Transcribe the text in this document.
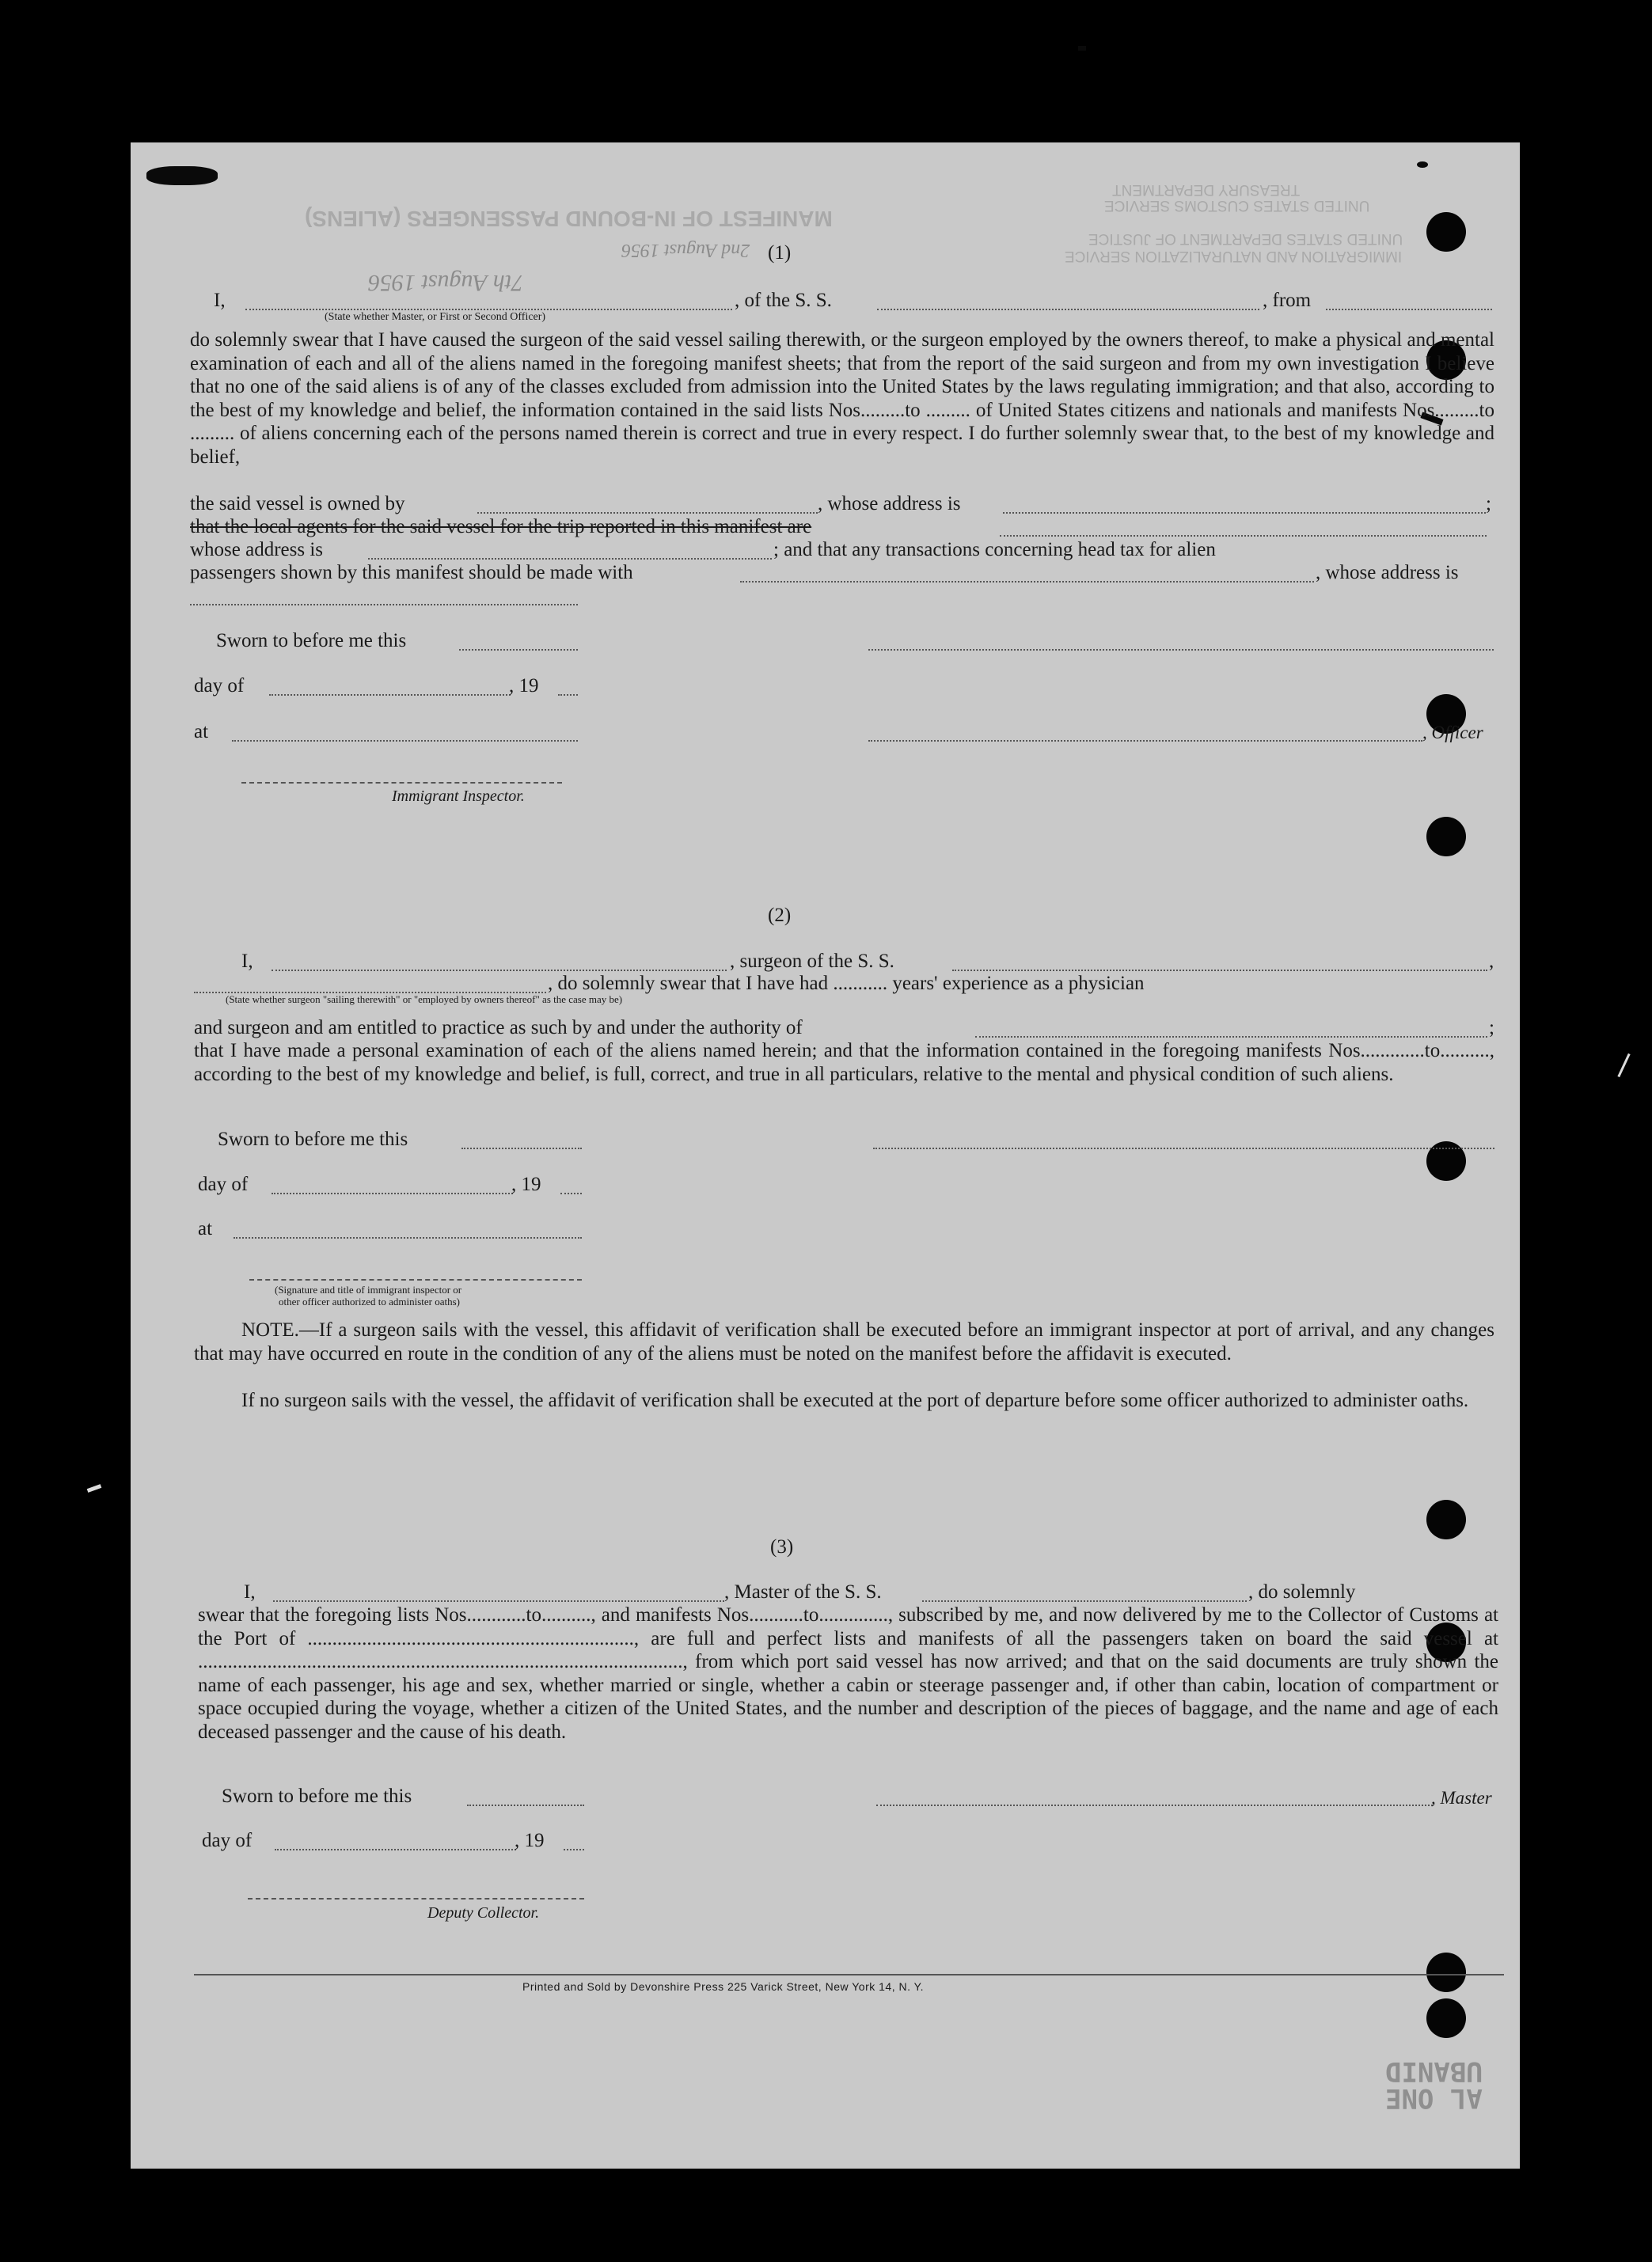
MANIFEST OF IN-BOUND PASSENGERS (ALIENS)
UNITED STATES DEPARTMENT OF JUSTICE
IMMIGRATION AND NATURALIZATION SERVICE
TREASURY DEPARTMENT
UNITED STATES CUSTOMS SERVICE
7th August 1956
2nd August 1956 (1)
I,
(State whether Master, or First or Second Officer)
, of the S. S.	, from
do solemnly swear that I have caused the surgeon of the said vessel sailing therewith, or the surgeon employed by the owners thereof, to make a physical and mental examination of each and all of the aliens named in the foregoing manifest sheets; that from the report of the said surgeon and from my own investigation I believe that no one of the said aliens is of any of the classes excluded from admission into the United States by the laws regulating immigration; and that also, according to the best of my knowledge and belief, the information contained in the said lists Nos.........to ......... of United States citizens and nationals and manifests Nos.........to ......... of aliens concerning each of the persons named therein is correct and true in every respect. I do further solemnly swear that, to the best of my knowledge and belief,
the said vessel is owned by	, whose address is	;
that the local agents for the said vessel for the trip reported in this manifest are
whose address is	; and that any transactions concerning head tax for alien
passengers shown by this manifest should be made with	, whose address is
Sworn to before me this
day of	, 19
at	, Officer
Immigrant Inspector.
(2)
I,	, surgeon of the S. S.	,
, do solemnly swear that I have had ........... years' experience as a physician
(State whether surgeon "sailing therewith" or "employed by owners thereof" as the case may be)
and surgeon and am entitled to practice as such by and under the authority of	;
that I have made a personal examination of each of the aliens named herein; and that the information contained in the foregoing manifests Nos.............to.........., according to the best of my knowledge and belief, is full, correct, and true in all particulars, relative to the mental and physical condition of such aliens.
Sworn to before me this
day of	, 19
at
(Signature and title of immigrant inspector or
other officer authorized to administer oaths)
NOTE.—If a surgeon sails with the vessel, this affidavit of verification shall be executed before an immigrant inspector at port of arrival, and any changes that may have occurred en route in the condition of any of the aliens must be noted on the manifest before the affidavit is executed.
If no surgeon sails with the vessel, the affidavit of verification shall be executed at the port of departure before some officer authorized to administer oaths.
(3)
I,	, Master of the S. S.	, do solemnly
swear that the foregoing lists Nos............to.........., and manifests Nos...........to.............., subscribed by me, and now delivered by me to the Collector of Customs at the Port of .................................................................., are full and perfect lists and manifests of all the passengers taken on board the said vessel at .................................................................................................., from which port said vessel has now arrived; and that on the said documents are truly shown the name of each passenger, his age and sex, whether married or single, whether a cabin or steerage passenger and, if other than cabin, location of compartment or space occupied during the voyage, whether a citizen of the United States, and the number and description of the pieces of baggage, and the name and age of each deceased passenger and the cause of his death.
Sworn to before me this	, Master
day of	, 19
Deputy Collector.
Printed and Sold by Devonshire Press 225 Varick Street, New York 14, N. Y.
AL ONE
UBANID
